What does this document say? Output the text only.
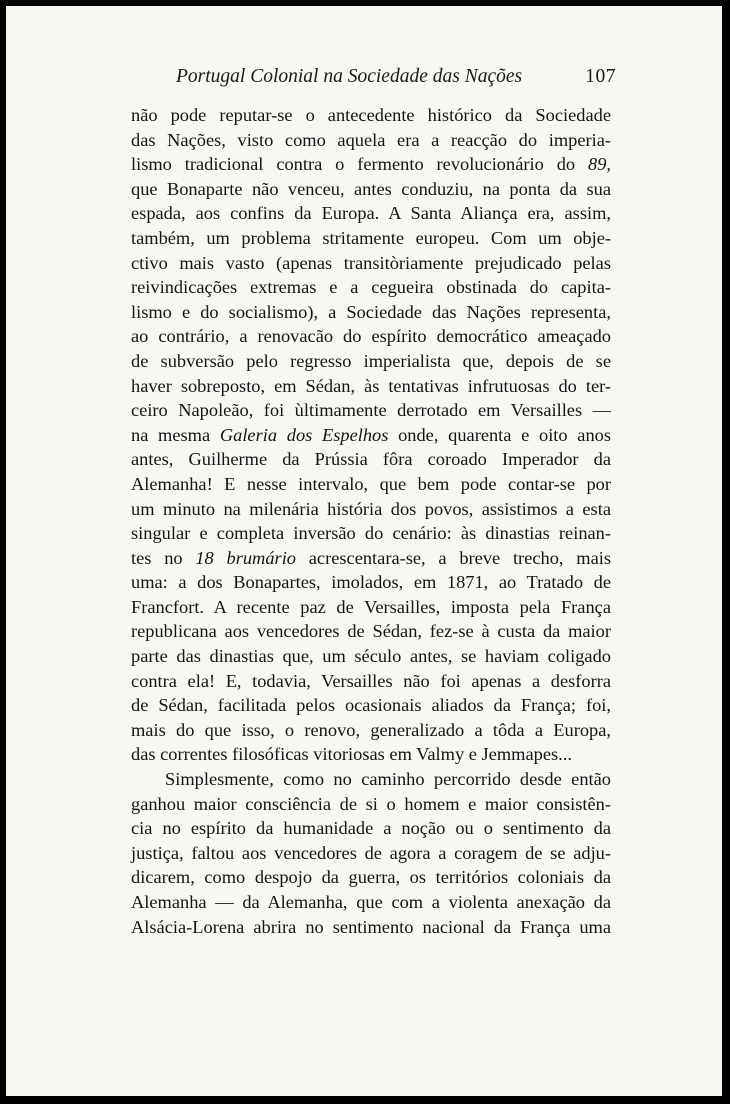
Portugal Colonial na Sociedade das Nações	107
não pode reputar-se o antecedente histórico da Sociedade
das Nações, visto como aquela era a reacção do imperia-
lismo tradicional contra o fermento revolucionário do 89,
que Bonaparte não venceu, antes conduziu, na ponta da sua
espada, aos confins da Europa. A Santa Aliança era, assim,
também, um problema stritamente europeu. Com um obje-
ctivo mais vasto (apenas transitòriamente prejudicado pelas
reivindicações extremas e a cegueira obstinada do capita-
lismo e do socialismo), a Sociedade das Nações representa,
ao contrário, a renovacão do espírito democrático ameaçado
de subversão pelo regresso imperialista que, depois de se
haver sobreposto, em Sédan, às tentativas infrutuosas do ter-
ceiro Napoleão, foi ùltimamente derrotado em Versailles —
na mesma Galeria dos Espelhos onde, quarenta e oito anos
antes, Guilherme da Prússia fôra coroado Imperador da
Alemanha! E nesse intervalo, que bem pode contar-se por
um minuto na milenária história dos povos, assistimos a esta
singular e completa inversão do cenário: às dinastias reinan-
tes no 18 brumário acrescentara-se, a breve trecho, mais
uma: a dos Bonapartes, imolados, em 1871, ao Tratado de
Francfort. A recente paz de Versailles, imposta pela França
republicana aos vencedores de Sédan, fez-se à custa da maior
parte das dinastias que, um século antes, se haviam coligado
contra ela! E, todavia, Versailles não foi apenas a desforra
de Sédan, facilitada pelos ocasionais aliados da França; foi,
mais do que isso, o renovo, generalizado a tôda a Europa,
das correntes filosóficas vitoriosas em Valmy e Jemmapes...
Simplesmente, como no caminho percorrido desde então
ganhou maior consciência de si o homem e maior consistên-
cia no espírito da humanidade a noção ou o sentimento da
justiça, faltou aos vencedores de agora a coragem de se adju-
dicarem, como despojo da guerra, os territórios coloniais da
Alemanha — da Alemanha, que com a violenta anexação da
Alsácia-Lorena abrira no sentimento nacional da França uma
